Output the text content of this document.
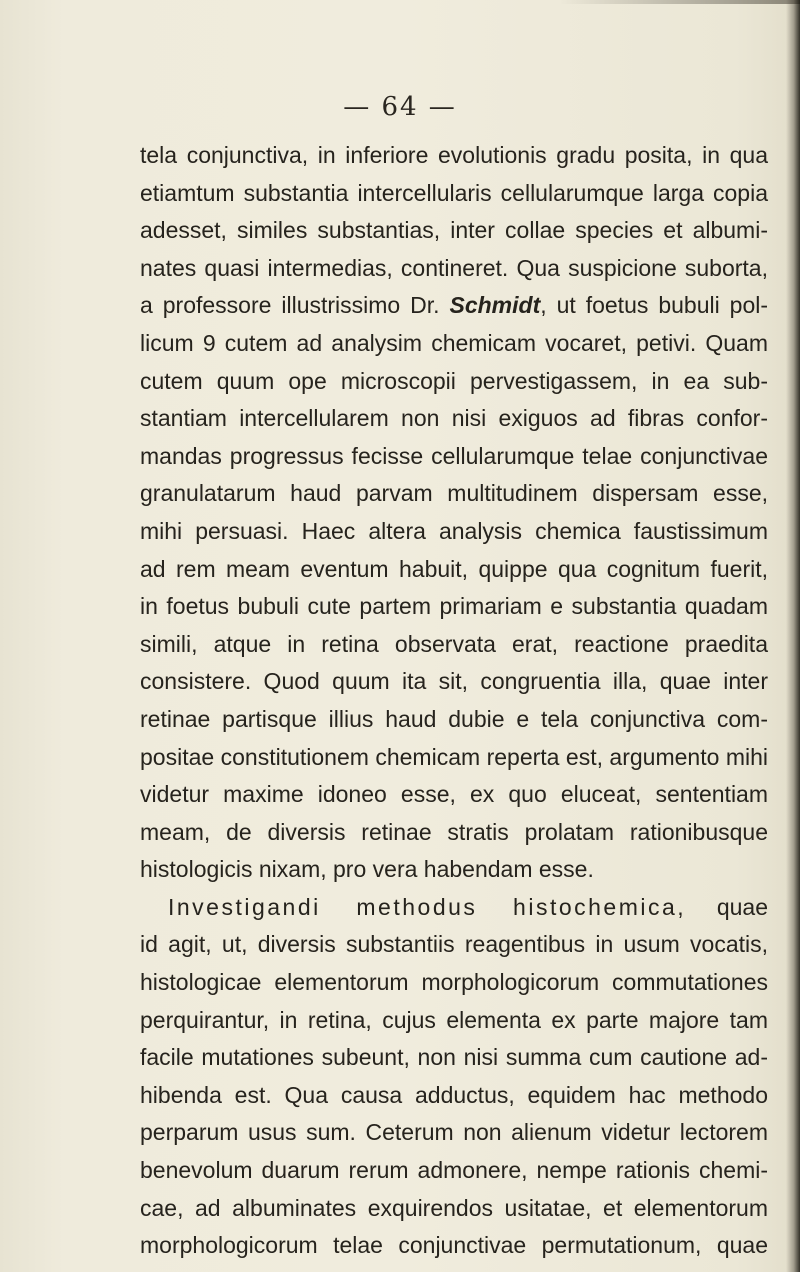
— 64 —
tela conjunctiva, in inferiore evolutionis gradu posita, in qua
etiamtum substantia intercellularis cellularumque larga copia
adesset, similes substantias, inter collae species et albumi-
nates quasi intermedias, contineret. Qua suspicione suborta,
a professore illustrissimo Dr. Schmidt, ut foetus bubuli pol-
licum 9 cutem ad analysim chemicam vocaret, petivi. Quam
cutem quum ope microscopii pervestigassem, in ea sub-
stantiam intercellularem non nisi exiguos ad fibras confor-
mandas progressus fecisse cellularumque telae conjunctivae
granulatarum haud parvam multitudinem dispersam esse,
mihi persuasi. Haec altera analysis chemica faustissimum
ad rem meam eventum habuit, quippe qua cognitum fuerit,
in foetus bubuli cute partem primariam e substantia quadam
simili, atque in retina observata erat, reactione praedita
consistere. Quod quum ita sit, congruentia illa, quae inter
retinae partisque illius haud dubie e tela conjunctiva com-
positae constitutionem chemicam reperta est, argumento mihi
videtur maxime idoneo esse, ex quo eluceat, sententiam
meam, de diversis retinae stratis prolatam rationibusque
histologicis nixam, pro vera habendam esse.
Investigandi methodus histochemica, quae
id agit, ut, diversis substantiis reagentibus in usum vocatis,
histologicae elementorum morphologicorum commutationes
perquirantur, in retina, cujus elementa ex parte majore tam
facile mutationes subeunt, non nisi summa cum cautione ad-
hibenda est. Qua causa adductus, equidem hac methodo
perparum usus sum. Ceterum non alienum videtur lectorem
benevolum duarum rerum admonere, nempe rationis chemi-
cae, ad albuminates exquirendos usitatae, et elementorum
morphologicorum telae conjunctivae permutationum, quae
